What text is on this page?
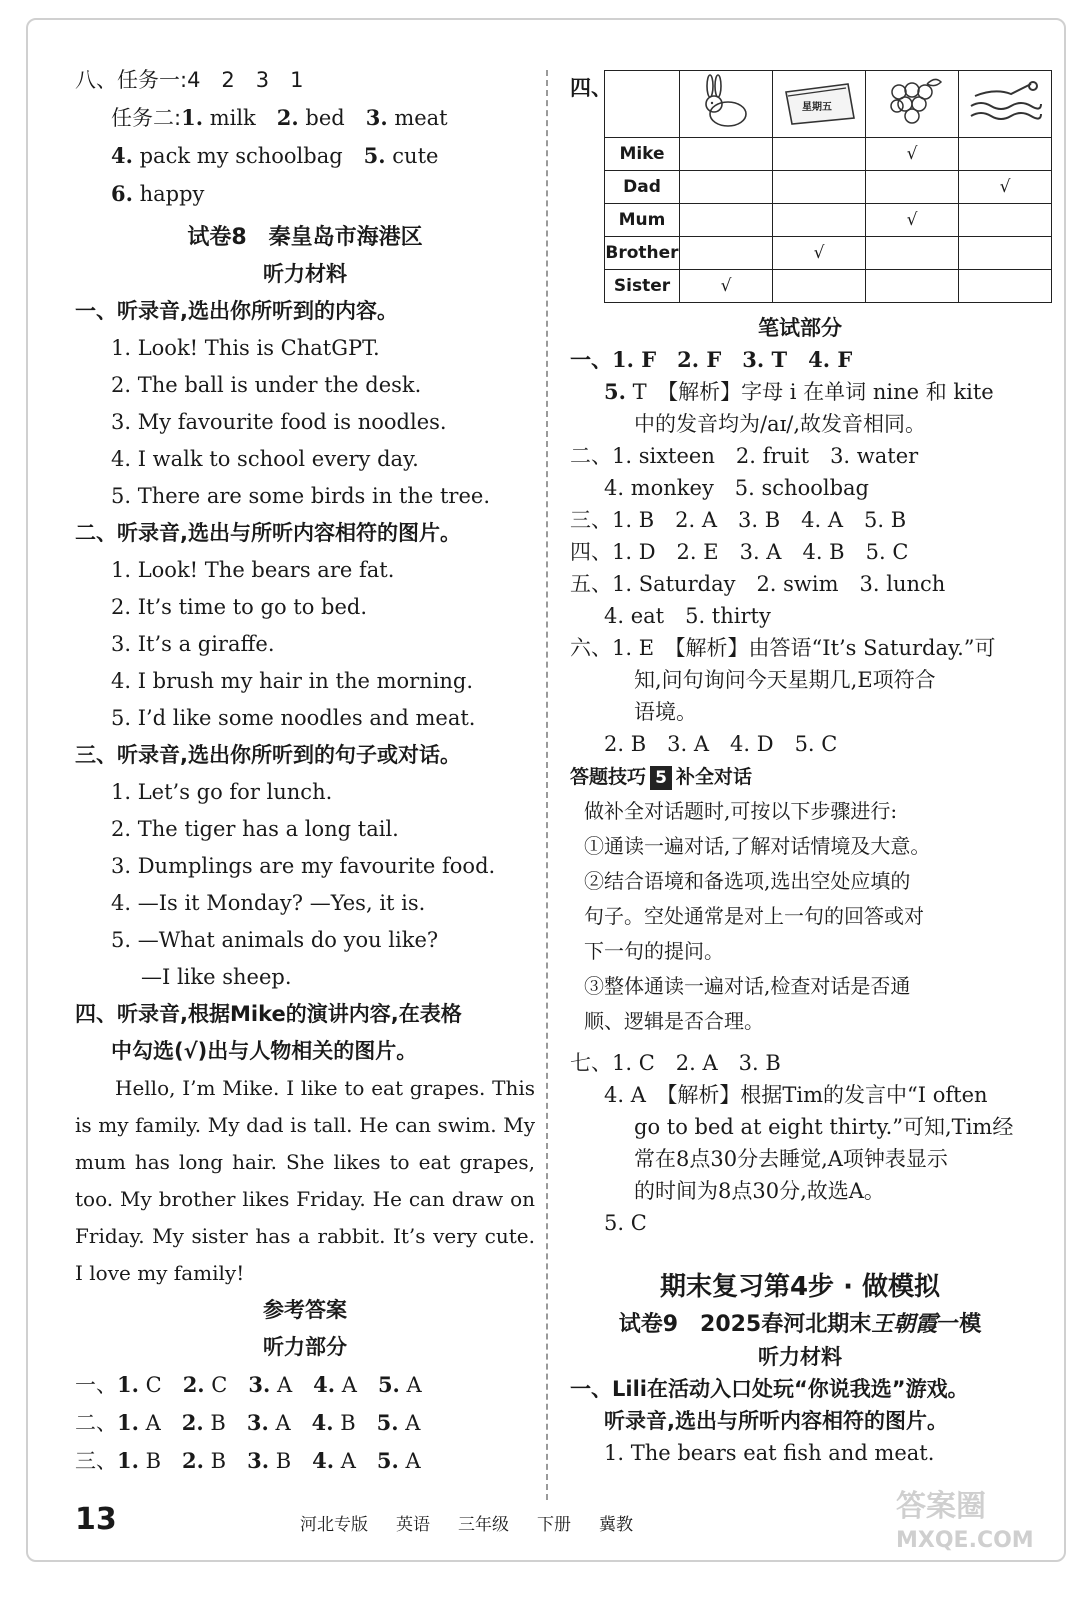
八、任务一:4　2　3　1
任务二:1. milk　 2. bed　 3. meat
4. pack my schoolbag　 5. cute
6. happy
试卷8　秦皇岛市海港区
听力材料
一、听录音,选出你所听到的内容。
1. Look! This is ChatGPT.
2. The ball is under the desk.
3. My favourite food is noodles.
4. I walk to school every day.
5. There are some birds in the tree.
二、听录音,选出与所听内容相符的图片。
1. Look! The bears are fat.
2. It’s time to go to bed.
3. It’s a giraffe.
4. I brush my hair in the morning.
5. I’d like some noodles and meat.
三、听录音,选出你所听到的句子或对话。
1. Let’s go for lunch.
2. The tiger has a long tail.
3. Dumplings are my favourite food.
4. —Is it Monday? —Yes, it is.
5. —What animals do you like?
—I like sheep.
四、听录音,根据Mike的演讲内容,在表格
中勾选(√)出与人物相关的图片。
Hello, I’m Mike. I like to eat grapes. This is my family. My dad is tall. He can swim. My mum has long hair. She likes to eat grapes, too. My brother likes Friday. He can draw on Friday. My sister has a rabbit. It’s very cute. I love my family!
参考答案
听力部分
一、1. C　2. C　3. A　4. A　5. A
二、1. A　2. B　3. A　4. B　5. A
三、1. B　2. B　3. B　4. A　5. A
四、

星期五

Mike			√	
Dad				√
Mum			√	
Brother		√		
Sister	√			
笔试部分
一、1. F　2. F　3. T　4. F
5. T　【解析】字母 i 在单词 nine 和 kite
中的发音均为/aɪ/,故发音相同。
二、1. sixteen　2. fruit　3. water
4. monkey　5. schoolbag
三、1. B　2. A　3. B　4. A　5. B
四、1. D　2. E　3. A　4. B　5. C
五、1. Saturday　2. swim　3. lunch
4. eat　5. thirty
六、1. E　【解析】由答语“It’s Saturday.”可
知,问句询问今天星期几,E项符合
语境。
2. B　3. A　4. D　5. C
答题技巧 5 补全对话
做补全对话题时,可按以下步骤进行:
①通读一遍对话,了解对话情境及大意。
②结合语境和备选项,选出空处应填的
句子。空处通常是对上一句的回答或对
下一句的提问。
③整体通读一遍对话,检查对话是否通
顺、逻辑是否合理。
七、1. C　2. A　3. B
4. A　【解析】根据Tim的发言中“I often
go to bed at eight thirty.”可知,Tim经
常在8点30分去睡觉,A项钟表显示
的时间为8点30分,故选A。
5. C
期末复习第4步 · 做模拟
试卷9　2025春河北期末王朝霞一模
听力材料
一、Lili在活动入口处玩“你说我选”游戏。
听录音,选出与所听内容相符的图片。
1. The bears eat fish and meat.
13	河北专版 英语 三年级 下册 冀教
答案圈
MXQE.COM
